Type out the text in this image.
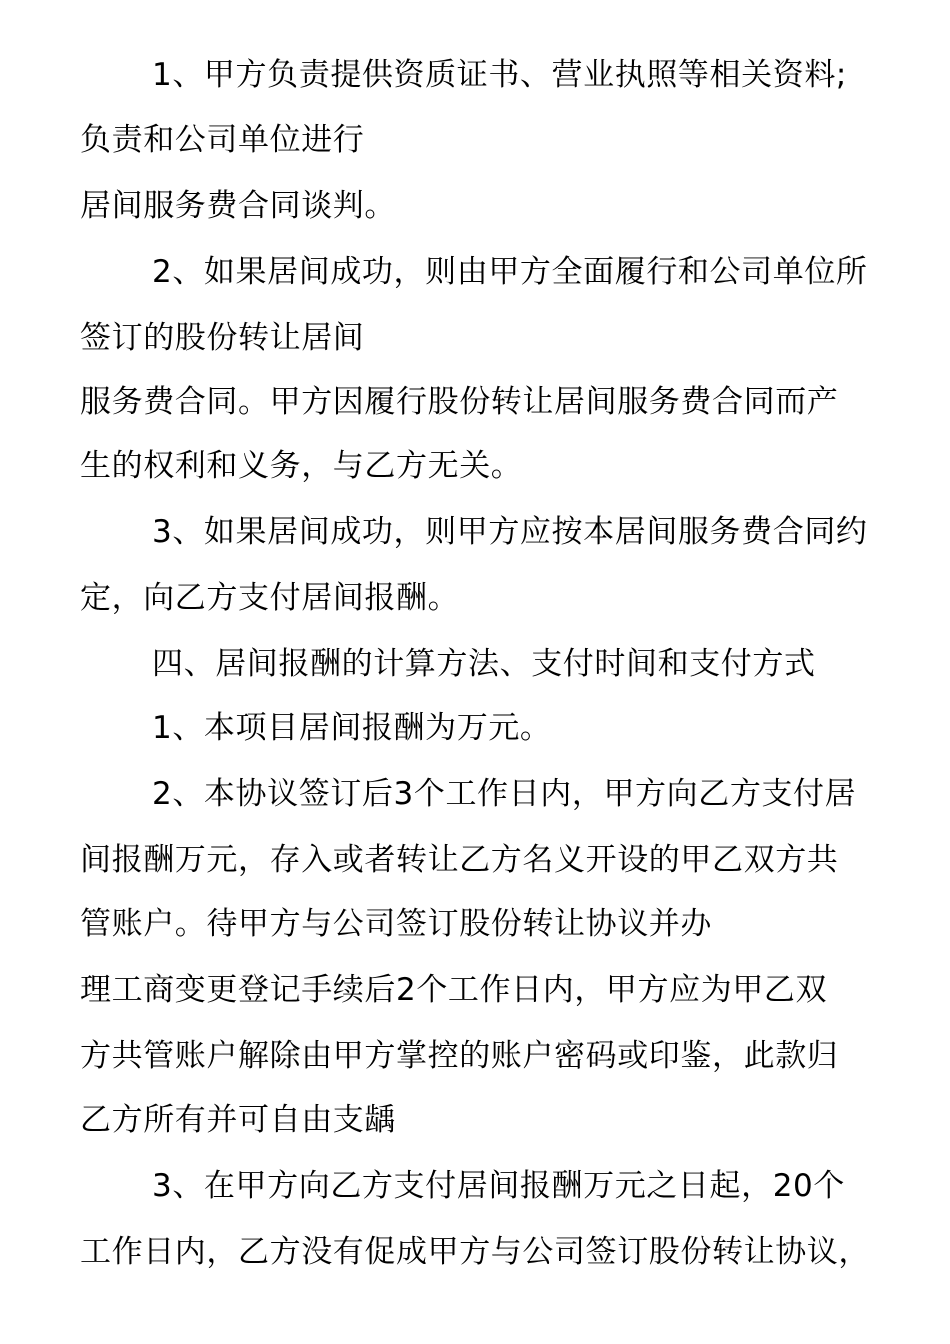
1、甲方负责提供资质证书、营业执照等相关资料;
负责和公司单位进行
居间服务费合同谈判。
2、如果居间成功，则由甲方全面履行和公司单位所
签订的股份转让居间
服务费合同。甲方因履行股份转让居间服务费合同而产
生的权利和义务，与乙方无关。
3、如果居间成功，则甲方应按本居间服务费合同约
定，向乙方支付居间报酬。
四、居间报酬的计算方法、支付时间和支付方式
1、本项目居间报酬为万元。
2、本协议签订后3个工作日内，甲方向乙方支付居
间报酬万元，存入或者转让乙方名义开设的甲乙双方共
管账户。待甲方与公司签订股份转让协议并办
理工商变更登记手续后2个工作日内，甲方应为甲乙双
方共管账户解除由甲方掌控的账户密码或印鉴，此款归
乙方所有并可自由支龋
3、在甲方向乙方支付居间报酬万元之日起，20个
工作日内，乙方没有促成甲方与公司签订股份转让协议，
